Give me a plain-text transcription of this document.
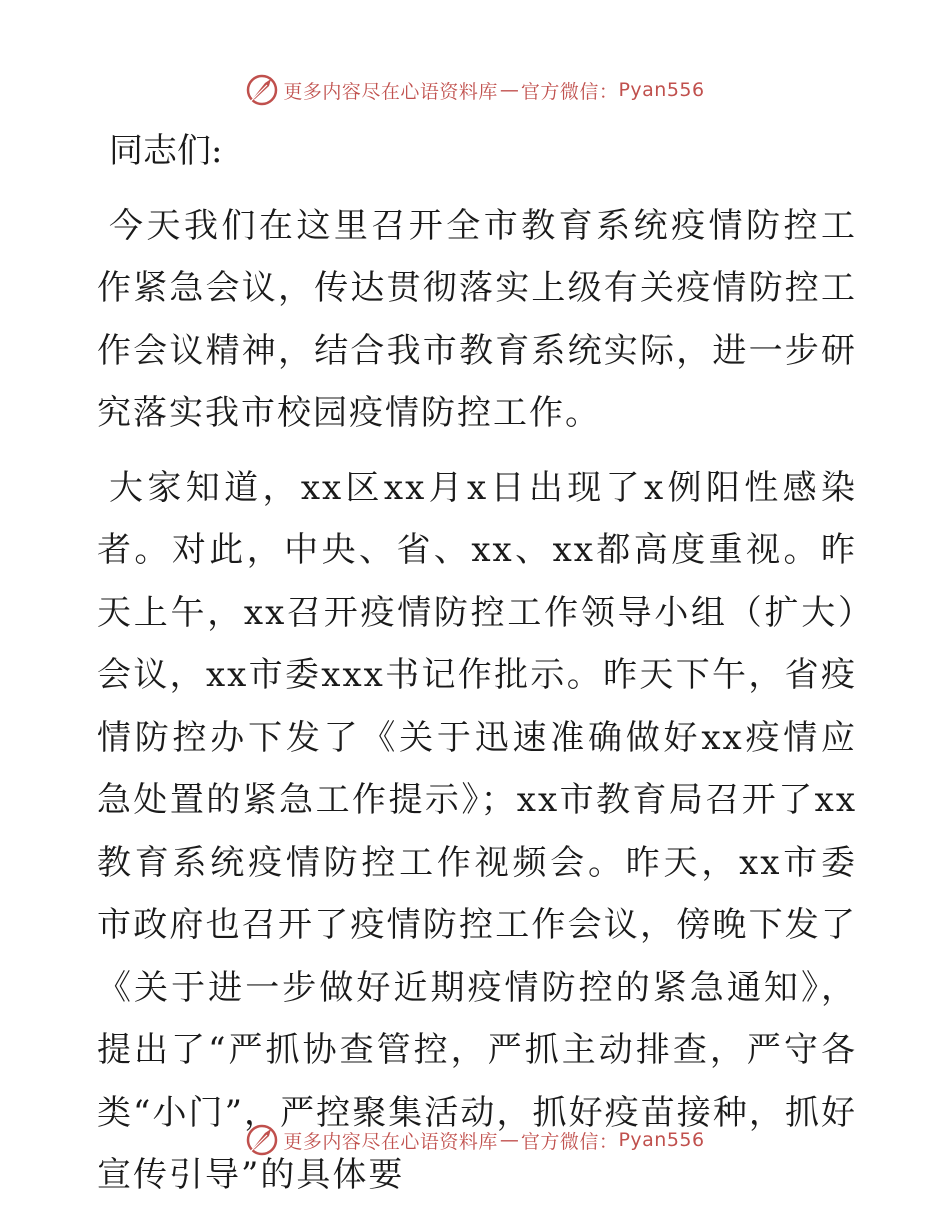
更多内容尽在心语资料库 — 官方微信： Pyan556
同志们:

今天我们在这里召开全市教育系统疫情防控工作紧急会议，传达贯彻落实上级有关疫情防控工作会议精神，结合我市教育系统实际，进一步研究落实我市校园疫情防控工作。

大家知道，xx区xx月x日出现了x例阳性感染者。对此，中央、省、xx、xx都高度重视。昨天上午，xx召开疫情防控工作领导小组（扩大）会议，xx市委xxx书记作批示。昨天下午，省疫情防控办下发了《关于迅速准确做好xx疫情应急处置的紧急工作提示》；xx市教育局召开了xx教育系统疫情防控工作视频会。昨天，xx市委市政府也召开了疫情防控工作会议，傍晚下发了《关于进一步做好近期疫情防控的紧急通知》，提出了“严抓协查管控，严抓主动排查，严守各类“小门”，严控聚集活动，抓好疫苗接种，抓好宣传引导”的具体要

更多内容尽在心语资料库 — 官方微信： Pyan556
